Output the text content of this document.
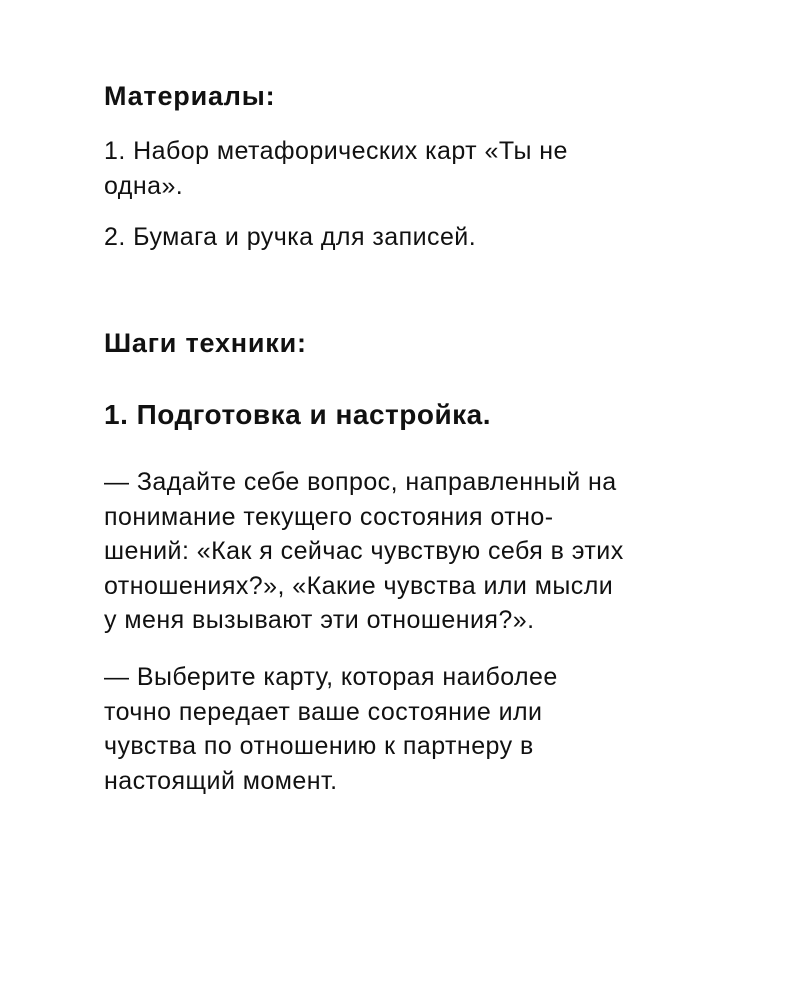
Материалы:

1. Набор метафорических карт «Ты не
одна».

2. Бумага и ручка для записей.

Шаги техники:
1. Подготовка и настройка.

— Задайте себе вопрос, направленный на
понимание текущего состояния отно-
шений: «Как я сейчас чувствую себя в этих
отношениях?», «Какие чувства или мысли
у меня вызывают эти отношения?».

— Выберите карту, которая наиболее
точно передает ваше состояние или
чувства по отношению к партнеру в
настоящий момент.
